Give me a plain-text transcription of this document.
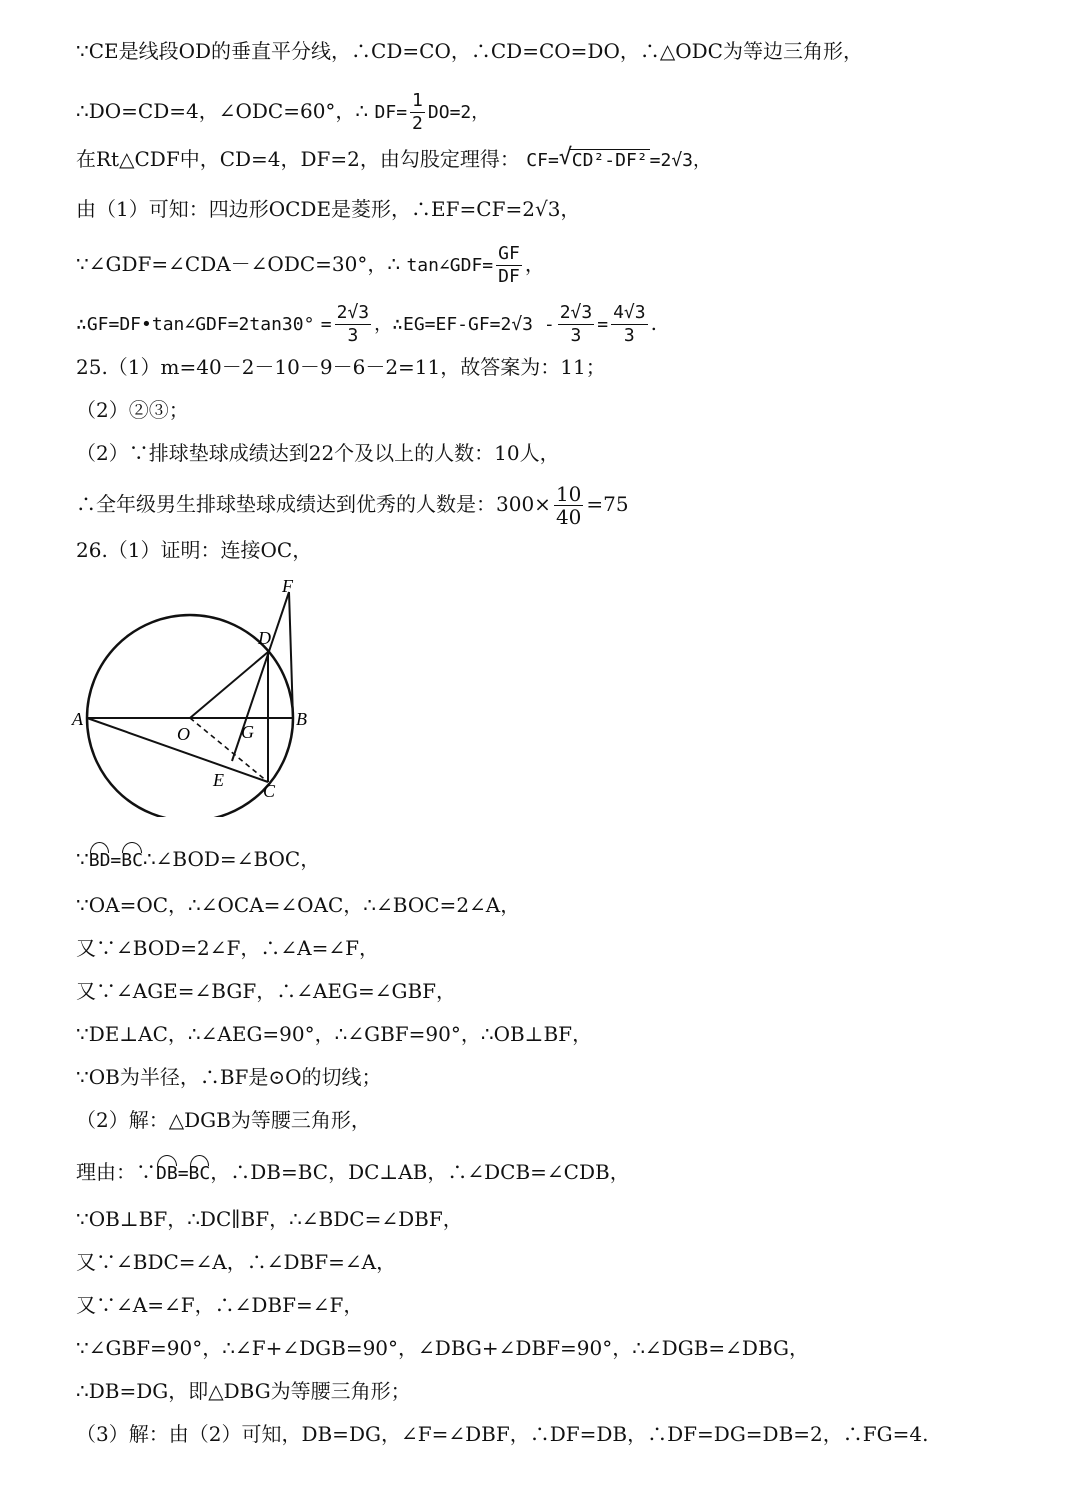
∵CE是线段OD的垂直平分线，∴CD=CO，∴CD=CO=DO，∴△ODC为等边三角形，
∴DO=CD=4，∠ODC=60°，∴ $DF= \frac{1}{2} DO=2$，
在Rt△CDF中，CD=4，DF=2，由勾股定理得： CF= √ CD²-DF² =2√3，
由（1）可知：四边形OCDE是菱形，∴EF=CF=2√3，
∵∠GDF=∠CDA－∠ODC=30°，∴ tan∠GDF= $\frac{GF}{DF}$ ，
∴GF=DF•tan∠GDF=2tan30° = $\frac{2√3}{3}$ ，∴EG=EF-GF=2√3 - $\frac{2√3}{3} = \frac{4√3}{3}$ .
25.（1）m=40－2－10－9－6－2=11，故答案为：11；
（2）②③；
（2）∵排球垫球成绩达到22个及以上的人数：10人，
∴全年级男生排球垫球成绩达到优秀的人数是：$300\times \frac{10}{40} =75$
26.（1）证明：连接OC，
A	B
C
D
E
F
G
O
∵BD=BC∴∠BOD=∠BOC，
∵OA=OC，∴∠OCA=∠OAC，∴∠BOC=2∠A，
又∵∠BOD=2∠F，∴∠A=∠F，
又∵∠AGE=∠BGF，∴∠AEG=∠GBF，
∵DE⊥AC，∴∠AEG=90°，∴∠GBF=90°，∴OB⊥BF，
∵OB为半径，∴BF是⊙O的切线；
（2）解：△DGB为等腰三角形，
理由：∵DB=BC，∴DB=BC，DC⊥AB，∴∠DCB=∠CDB，
∵OB⊥BF，∴DC∥BF，∴∠BDC=∠DBF，
又∵∠BDC=∠A，∴∠DBF=∠A，
又∵∠A=∠F，∴∠DBF=∠F，
∵∠GBF=90°，∴∠F+∠DGB=90°，∠DBG+∠DBF=90°，∴∠DGB=∠DBG，
∴DB=DG，即△DBG为等腰三角形；
（3）解：由（2）可知，DB=DG，∠F=∠DBF，∴DF=DB，∴DF=DG=DB=2，∴FG=4.
